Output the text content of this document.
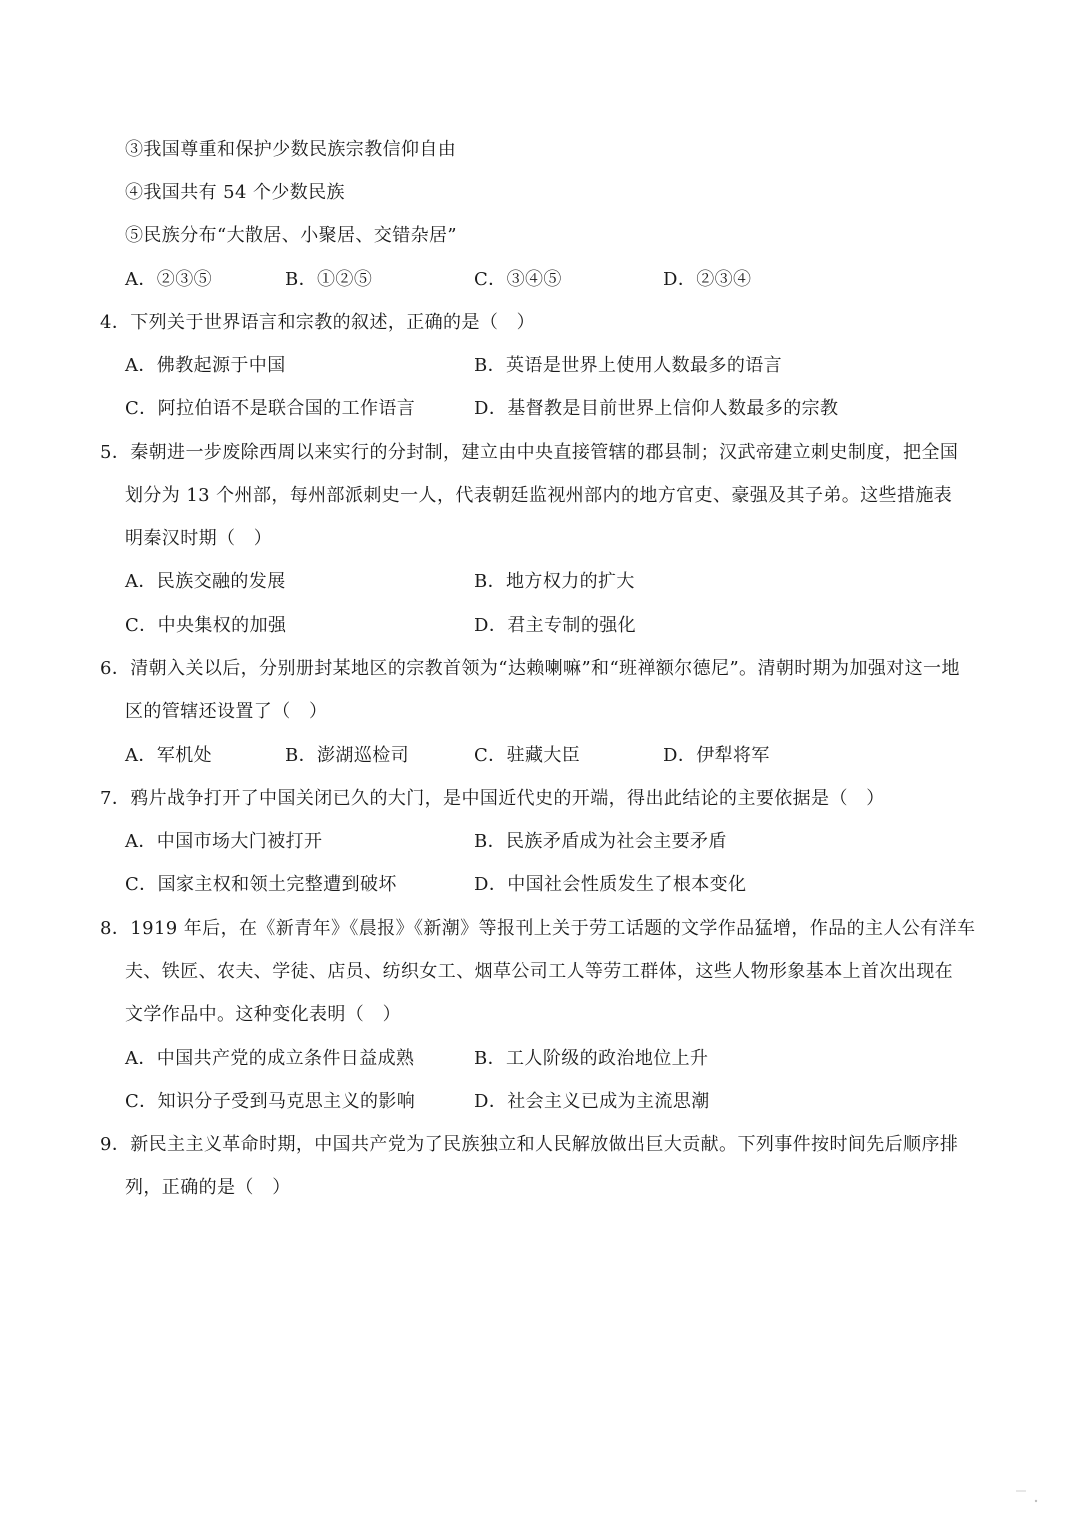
③我国尊重和保护少数民族宗教信仰自由
④我国共有 54 个少数民族
⑤民族分布“大散居、小聚居、交错杂居”
A．②③⑤	B．①②⑤	C．③④⑤	D．②③④
4．下列关于世界语言和宗教的叙述，正确的是（　）
A．佛教起源于中国	B．英语是世界上使用人数最多的语言
C．阿拉伯语不是联合国的工作语言	D．基督教是目前世界上信仰人数最多的宗教
5．秦朝进一步废除西周以来实行的分封制，建立由中央直接管辖的郡县制；汉武帝建立刺史制度，把全国
划分为 13 个州部，每州部派刺史一人，代表朝廷监视州部内的地方官吏、豪强及其子弟。这些措施表
明秦汉时期（　）
A．民族交融的发展	B．地方权力的扩大
C．中央集权的加强	D．君主专制的强化
6．清朝入关以后，分别册封某地区的宗教首领为“达赖喇嘛”和“班禅额尔德尼”。清朝时期为加强对这一地
区的管辖还设置了（　）
A．军机处	B．澎湖巡检司	C．驻藏大臣	D．伊犁将军
7．鸦片战争打开了中国关闭已久的大门，是中国近代史的开端，得出此结论的主要依据是（　）
A．中国市场大门被打开	B．民族矛盾成为社会主要矛盾
C．国家主权和领土完整遭到破坏	D．中国社会性质发生了根本变化
8．1919 年后，在《新青年》《晨报》《新潮》等报刊上关于劳工话题的文学作品猛增，作品的主人公有洋车
夫、铁匠、农夫、学徒、店员、纺织女工、烟草公司工人等劳工群体，这些人物形象基本上首次出现在
文学作品中。这种变化表明（　）
A．中国共产党的成立条件日益成熟	B．工人阶级的政治地位上升
C．知识分子受到马克思主义的影响	D．社会主义已成为主流思潮
9．新民主主义革命时期，中国共产党为了民族独立和人民解放做出巨大贡献。下列事件按时间先后顺序排
列，正确的是（　）
